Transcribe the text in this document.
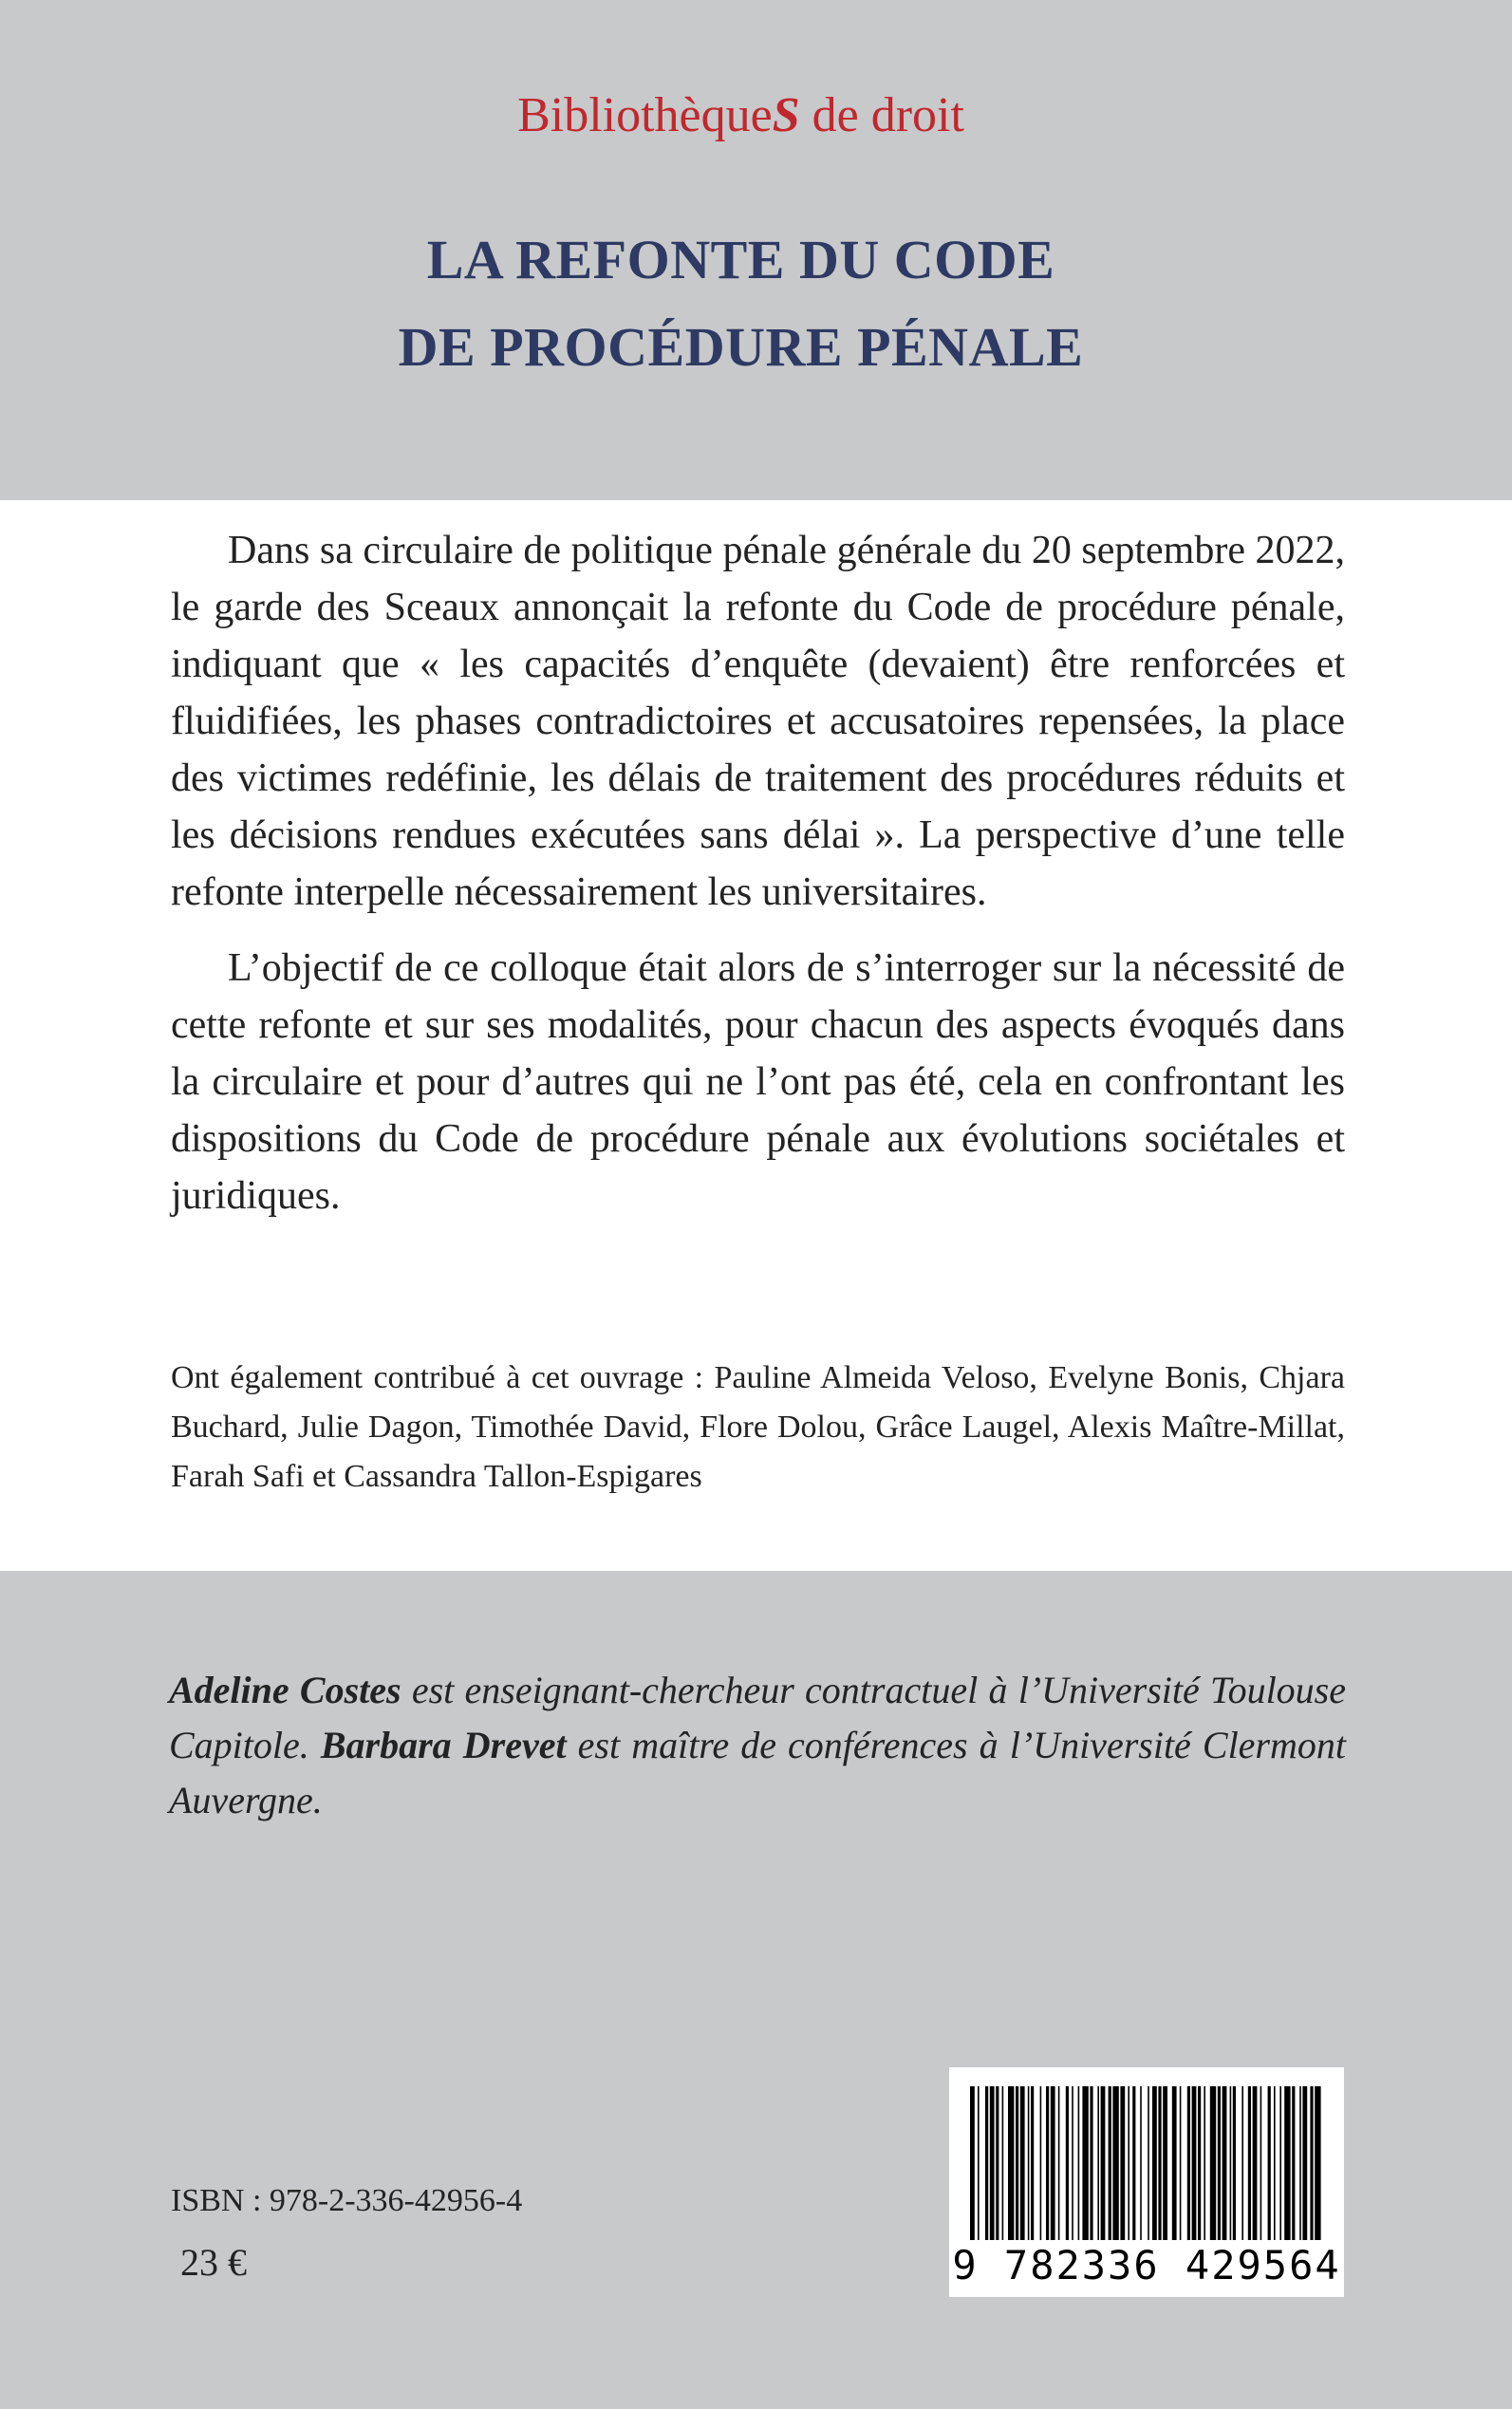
BibliothèqueS de droit
LA REFONTE DU CODE
DE PROCÉDURE PÉNALE

Dans sa circulaire de politique pénale générale du 20 septembre 2022, le garde des Sceaux annonçait la refonte du Code de procédure pénale, indiquant que « les capacités d’enquête (devaient) être renforcées et fluidifiées, les phases contradictoires et accusatoires repensées, la place des victimes redéfinie, les délais de traitement des procédures réduits et les décisions rendues exécutées sans délai ». La perspective d’une telle refonte interpelle nécessairement les universitaires.

L’objectif de ce colloque était alors de s’interroger sur la nécessité de cette refonte et sur ses modalités, pour chacun des aspects évoqués dans la circulaire et pour d’autres qui ne l’ont pas été, cela en confrontant les dispositions du Code de procédure pénale aux évolutions sociétales et juridiques.

Ont également contribué à cet ouvrage : Pauline Almeida Veloso, Evelyne Bonis, Chjara Buchard, Julie Dagon, Timothée David, Flore Dolou, Grâce Laugel, Alexis Maître-Millat, Farah Safi et Cassandra Tallon-Espigares
Adeline Costes est enseignant-chercheur contractuel à l’Université Toulouse Capitole. Barbara Drevet est maître de conférences à l’Université Clermont Auvergne.
ISBN : 978-2-336-42956-4
23 €	9 782336 429564
